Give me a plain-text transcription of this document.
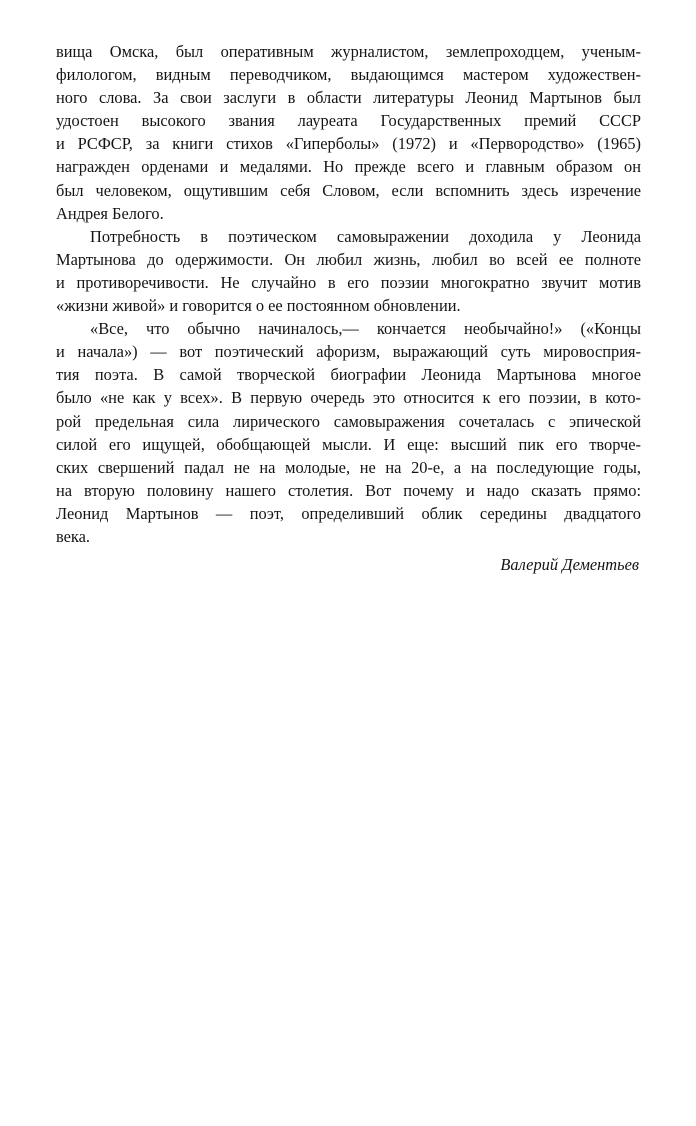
вища Омска, был оперативным журналистом, землепроходцем, ученым-
филологом, видным переводчиком, выдающимся мастером художествен-
ного слова. За свои заслуги в области литературы Леонид Мартынов был
удостоен высокого звания лауреата Государственных премий СССР
и РСФСР, за книги стихов «Гиперболы» (1972) и «Первородство» (1965)
награжден орденами и медалями. Но прежде всего и главным образом он
был человеком, ощутившим себя Словом, если вспомнить здесь изречение
Андрея Белого.
Потребность в поэтическом самовыражении доходила у Леонида
Мартынова до одержимости. Он любил жизнь, любил во всей ее полноте
и противоречивости. Не случайно в его поэзии многократно звучит мотив
«жизни живой» и говорится о ее постоянном обновлении.
«Все, что обычно начиналось,— кончается необычайно!» («Концы
и начала») — вот поэтический афоризм, выражающий суть мировосприя-
тия поэта. В самой творческой биографии Леонида Мартынова многое
было «не как у всех». В первую очередь это относится к его поэзии, в кото-
рой предельная сила лирического самовыражения сочеталась с эпической
силой его ищущей, обобщающей мысли. И еще: высший пик его творче-
ских свершений падал не на молодые, не на 20-е, а на последующие годы,
на вторую половину нашего столетия. Вот почему и надо сказать прямо:
Леонид Мартынов — поэт, определивший облик середины двадцатого
века.
Валерий Дементьев
